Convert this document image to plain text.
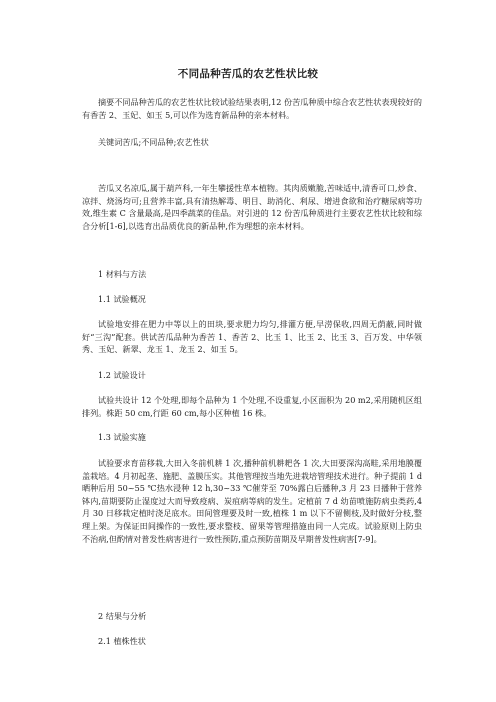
不同品种苦瓜的农艺性状比较

摘要不同品种苦瓜的农艺性状比较试验结果表明,12 份苦瓜种质中综合农艺性状表现较好的有香苦 2、玉妃、如玉 5,可以作为选育新品种的亲本材料。

关键词苦瓜;不同品种;农艺性状

苦瓜又名凉瓜,属于葫芦科,一年生攀援性草本植物。其肉质嫩脆,苦味适中,清香可口,炒食、凉拌、烧汤均可;且营养丰富,具有清热解毒、明目、助消化、利尿、增进食欲和治疗糖尿病等功效,维生素 C 含量最高,是四季蔬菜的佳品。对引进的 12 份苦瓜种质进行主要农艺性状比较和综合分析[1-6],以选育出品质优良的新品种,作为理想的亲本材料。

1 材料与方法
1.1 试验概况

试验地安排在肥力中等以上的田块,要求肥力均匀,排灌方便,早涝保收,四周无荫蔽,同时做好“三沟”配套。供试苦瓜品种为香苦 1、香苦 2、比玉 1、比玉 2、比玉 3、百万发、中华领秀、玉妃、新翠、龙玉 1、龙玉 2、如玉 5。

1.2 试验设计

试验共设计 12 个处理,即每个品种为 1 个处理,不设重复,小区面积为 20 m2,采用随机区组排列。株距 50 cm,行距 60 cm,每小区种植 16 株。

1.3 试验实施

试验要求育苗移栽,大田入冬前机耕 1 次,播种前机耕耙各 1 次,大田要深沟高畦,采用地膜覆盖栽培。4 月初起垄、施肥、盖膜压实。其他管理按当地先进栽培管理技术进行。种子提前 1 d 晒种后用 50~55 ℃热水浸种 12 h,30~33 ℃催芽至 70%露白后播种,3 月 23 日播种于营养钵内,苗期要防止湿度过大而导致疫病、炭疽病等病的发生。定植前 7 d 幼苗喷施防病虫类药,4 月 30 日移栽定植时浇足底水。田间管理要及时一致,植株 1 m 以下不留侧枝,及时做好分枝,整理上架。为保证田间操作的一致性,要求整枝、留果等管理措施由同一人完成。试验原则上防虫不治病,但酌情对普发性病害进行一致性预防,重点预防苗期及早期普发性病害[7-9]。

2 结果与分析
2.1 植株性状
